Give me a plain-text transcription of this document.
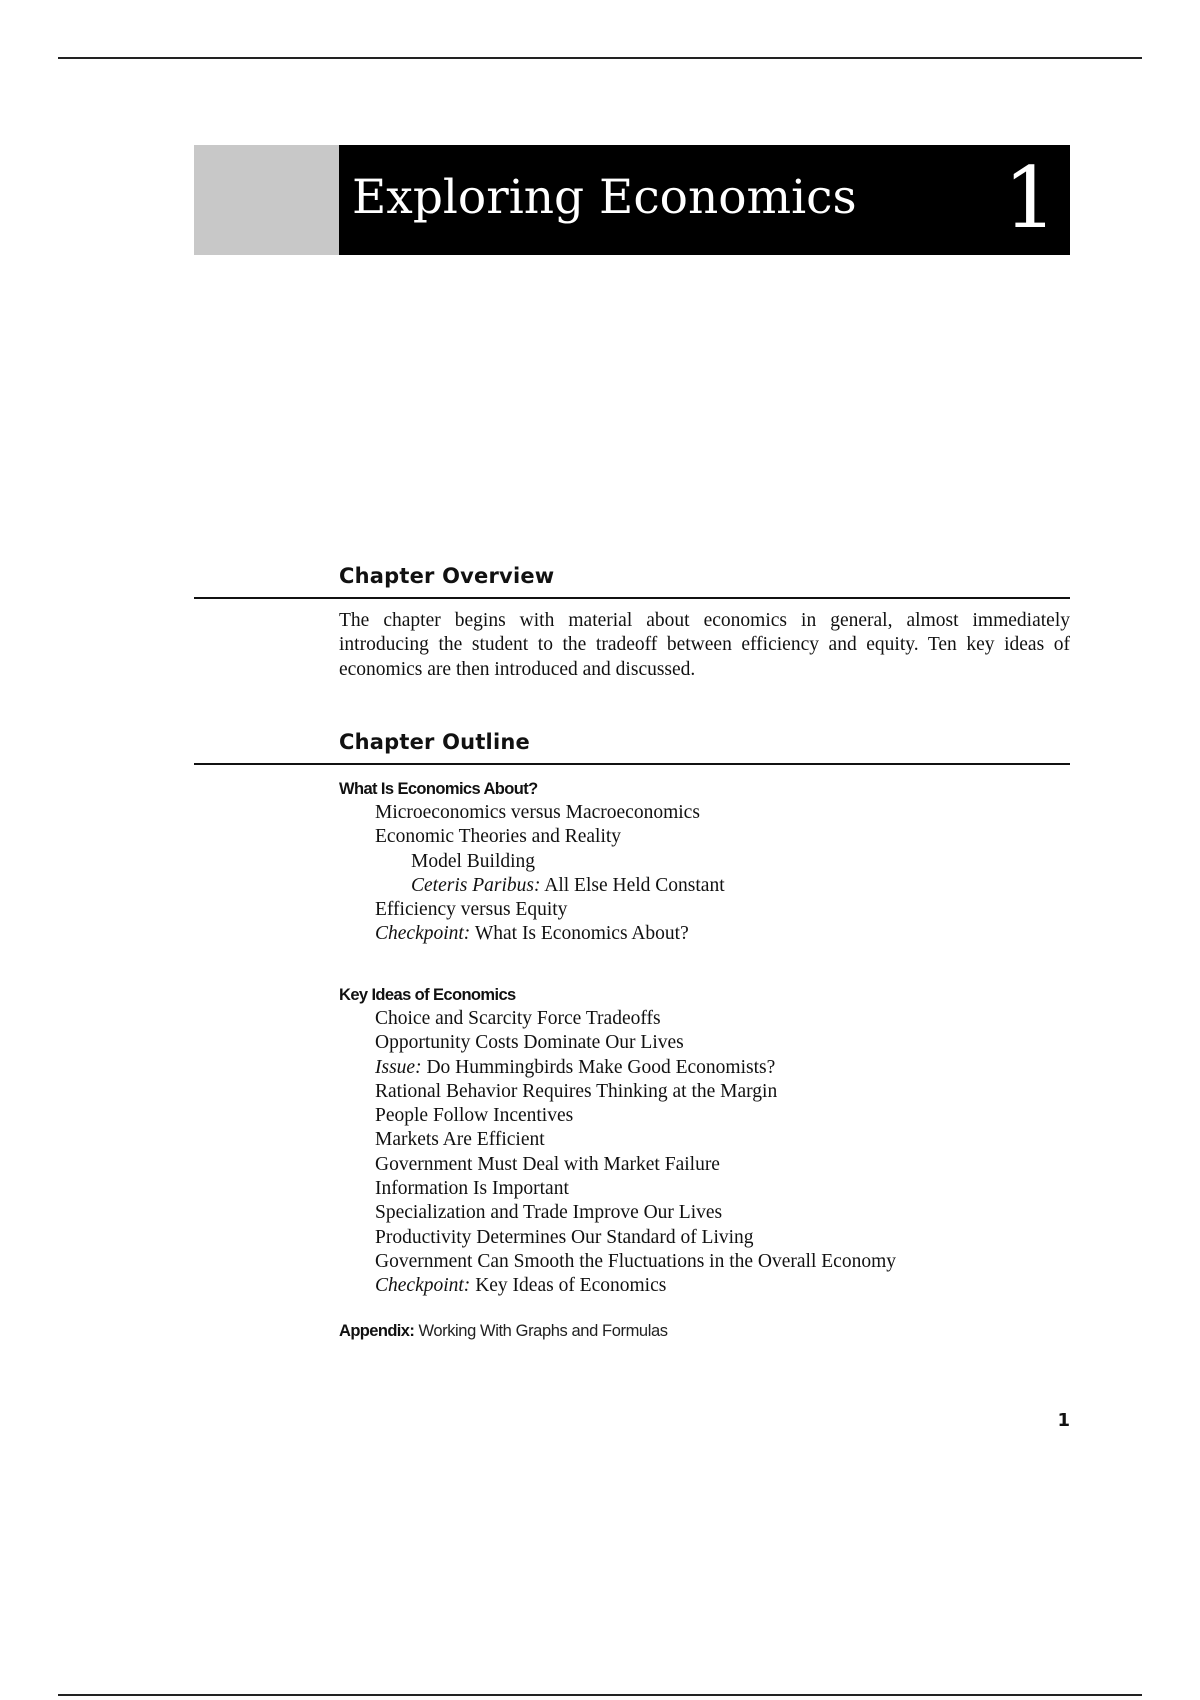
Exploring Economics 1
Chapter Overview
The chapter begins with material about economics in general, almost immediately introducing the student to the tradeoff between efficiency and equity. Ten key ideas of economics are then introduced and discussed.
Chapter Outline
What Is Economics About?
Microeconomics versus Macroeconomics
Economic Theories and Reality
Model Building
Ceteris Paribus: All Else Held Constant
Efficiency versus Equity
Checkpoint: What Is Economics About?
Key Ideas of Economics
Choice and Scarcity Force Tradeoffs
Opportunity Costs Dominate Our Lives
Issue: Do Hummingbirds Make Good Economists?
Rational Behavior Requires Thinking at the Margin
People Follow Incentives
Markets Are Efficient
Government Must Deal with Market Failure
Information Is Important
Specialization and Trade Improve Our Lives
Productivity Determines Our Standard of Living
Government Can Smooth the Fluctuations in the Overall Economy
Checkpoint: Key Ideas of Economics
Appendix: Working With Graphs and Formulas
1
